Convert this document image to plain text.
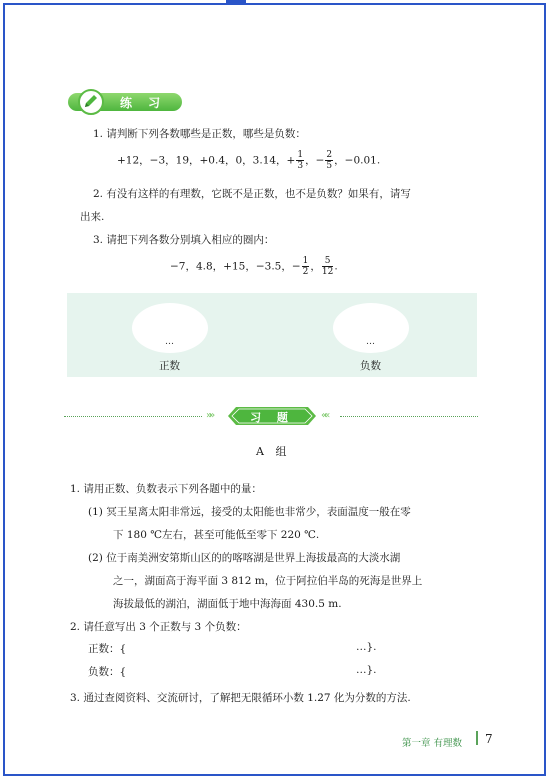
练 习
1. 请判断下列各数哪些是正数，哪些是负数：
+12，−3，19，+0.4，0，3.14，+ $\frac{1}{3}$ ，− $\frac{2}{5}$ ，−0.01.
2. 有没有这样的有理数，它既不是正数，也不是负数？如果有，请写
出来.
3. 请把下列各数分别填入相应的圈内：
−7，4.8，+15，−3.5，− $\frac{1}{2}$ ， $\frac{5}{12}$ .
…
正数
…
负数
»»	习 题	««
A 组
1. 请用正数、负数表示下列各题中的量：
(1) 冥王星离太阳非常远，接受的太阳能也非常少，表面温度一般在零
下 180 ℃左右，甚至可能低至零下 220 ℃.
(2) 位于南美洲安第斯山区的的喀喀湖是世界上海拔最高的大淡水湖
之一，湖面高于海平面 3 812 m，位于阿拉伯半岛的死海是世界上
海拔最低的湖泊，湖面低于地中海海面 430.5 m.
2. 请任意写出 3 个正数与 3 个负数：
正数：{	…}.
负数：{	…}.
3. 通过查阅资料、交流研讨，了解把无限循环小数 1.2̇7̇ 化为分数的方法.
第一章 有理数 7
